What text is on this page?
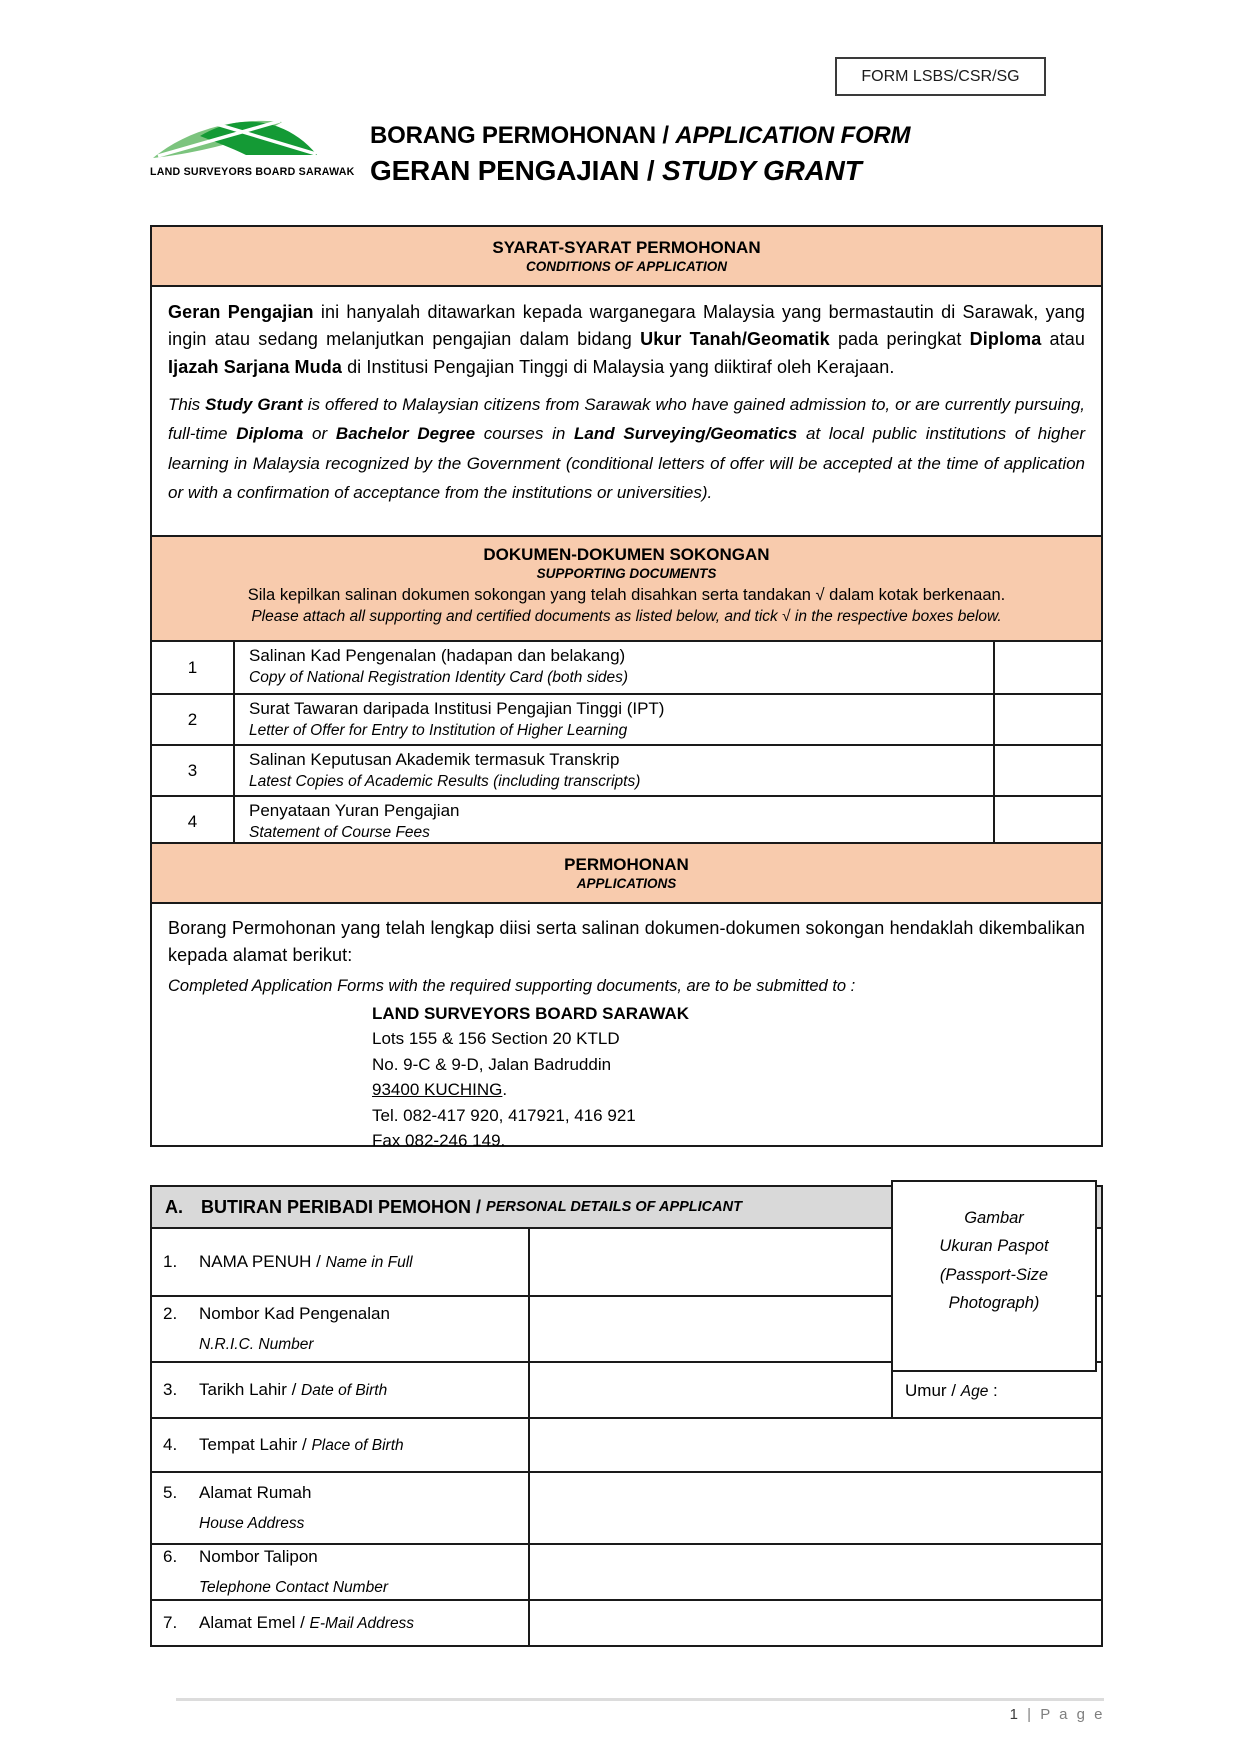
FORM LSBS/CSR/SG
LAND SURVEYORS BOARD SARAWAK
BORANG PERMOHONAN / APPLICATION FORM
GERAN PENGAJIAN / STUDY GRANT
SYARAT-SYARAT PERMOHONAN
CONDITIONS OF APPLICATION
Geran Pengajian ini hanyalah ditawarkan kepada warganegara Malaysia yang bermastautin di Sarawak, yang ingin atau sedang melanjutkan pengajian dalam bidang Ukur Tanah/Geomatik pada peringkat Diploma atau Ijazah Sarjana Muda di Institusi Pengajian Tinggi di Malaysia yang diiktiraf oleh Kerajaan.
This Study Grant is offered to Malaysian citizens from Sarawak who have gained admission to, or are currently pursuing, full-time Diploma or Bachelor Degree courses in Land Surveying/Geomatics at local public institutions of higher learning in Malaysia recognized by the Government (conditional letters of offer will be accepted at the time of application or with a confirmation of acceptance from the institutions or universities).
DOKUMEN-DOKUMEN SOKONGAN
SUPPORTING DOCUMENTS
Sila kepilkan salinan dokumen sokongan yang telah disahkan serta tandakan √ dalam kotak berkenaan.
Please attach all supporting and certified documents as listed below, and tick √ in the respective boxes below.
1
Salinan Kad Pengenalan (hadapan dan belakang)
Copy of National Registration Identity Card (both sides)
2
Surat Tawaran daripada Institusi Pengajian Tinggi (IPT)
Letter of Offer for Entry to Institution of Higher Learning
3
Salinan Keputusan Akademik termasuk Transkrip
Latest Copies of Academic Results (including transcripts)
4
Penyataan Yuran Pengajian
Statement of Course Fees
PERMOHONAN
APPLICATIONS
Borang Permohonan yang telah lengkap diisi serta salinan dokumen-dokumen sokongan hendaklah dikembalikan kepada alamat berikut:
Completed Application Forms with the required supporting documents, are to be submitted to :
LAND SURVEYORS BOARD SARAWAK
Lots 155 & 156 Section 20 KTLD
No. 9-C & 9-D, Jalan Badruddin
93400 KUCHING.
Tel. 082-417 920, 417921, 416 921
Fax 082-246 149.
A.	BUTIRAN PERIBADI PEMOHON / PERSONAL DETAILS OF APPLICANT
1.	NAMA PENUH / Name in Full
2.	Nombor Kad Pengenalan
N.R.I.C. Number
3.	Tarikh Lahir / Date of Birth
4.	Tempat Lahir / Place of Birth
5.	Alamat Rumah
House Address
6.	Nombor Talipon
Telephone Contact Number
7.	Alamat Emel / E-Mail Address
Gambar
Ukuran Paspot
(Passport-Size
Photograph)
Umur / Age :
1 | P a g e
